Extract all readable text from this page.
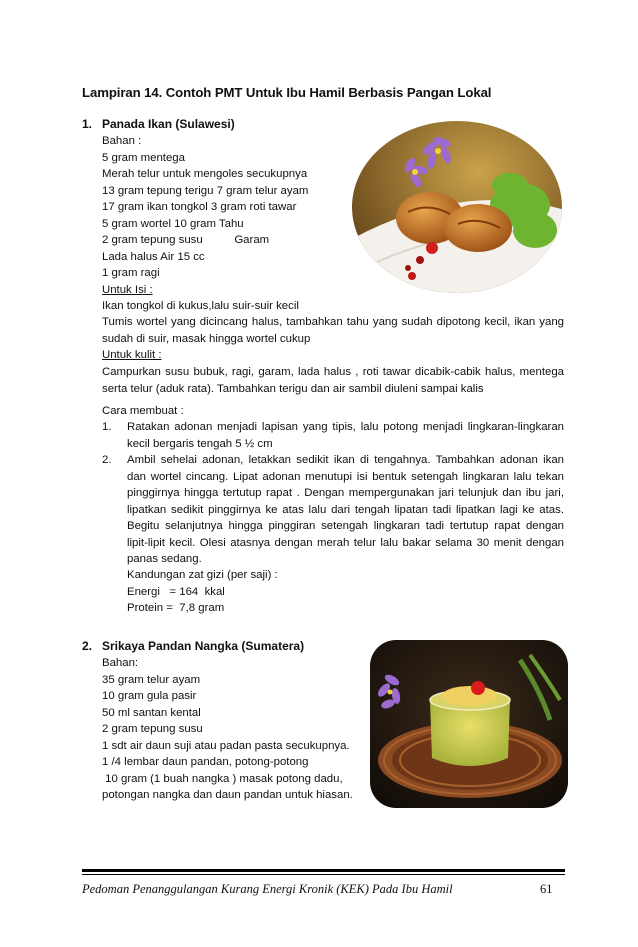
Lampiran 14. Contoh PMT Untuk Ibu Hamil Berbasis Pangan Lokal
1. Panada Ikan (Sulawesi)
Bahan :
5 gram mentega
Merah telur untuk mengoles secukupnya
13 gram tepung terigu 7 gram telur ayam
17 gram ikan tongkol 3 gram roti tawar
5 gram wortel 10 gram Tahu
2 gram tepung susu          Garam
Lada halus Air 15 cc
1 gram ragi
Untuk Isi :
Ikan tongkol di kukus,lalu suir-suir kecil
Tumis wortel yang dicincang halus, tambahkan tahu yang sudah dipotong kecil, ikan yang sudah di suir, masak hingga wortel cukup
Untuk kulit :
Campurkan susu bubuk, ragi, garam, lada halus , roti tawar dicabik-cabik halus, mentega serta telur (aduk rata). Tambahkan terigu dan air sambil diuleni sampai kalis
Cara membuat :
1. Ratakan adonan menjadi lapisan yang tipis, lalu potong menjadi lingkaran-lingkaran kecil bergaris tengah 5 ½ cm
2. Ambil sehelai adonan, letakkan sedikit ikan di tengahnya. Tambahkan adonan ikan dan wortel cincang. Lipat adonan menutupi isi bentuk setengah lingkaran lalu tekan pinggirnya hingga tertutup rapat . Dengan mempergunakan jari telunjuk dan ibu jari, lipatkan sedikit pinggirnya ke atas lalu dari tengah lipatan tadi lipatkan lagi ke atas. Begitu selanjutnya hingga pinggiran setengah lingkaran tadi tertutup rapat dengan lipit-lipit kecil. Olesi atasnya dengan merah telur lalu bakar selama 30 menit dengan panas sedang.
Kandungan zat gizi (per saji) :
Energi   = 164  kkal
Protein =  7,8 gram
2. Srikaya Pandan Nangka (Sumatera)
Bahan:
35 gram telur ayam
10 gram gula pasir
50 ml santan kental
2 gram tepung susu
1 sdt air daun suji atau padan pasta secukupnya.
1 /4 lembar daun pandan, potong-potong
10 gram (1 buah nangka ) masak potong dadu,
potongan nangka dan daun pandan untuk hiasan.
Pedoman Penanggulangan Kurang Energi Kronik (KEK) Pada Ibu Hamil	61
